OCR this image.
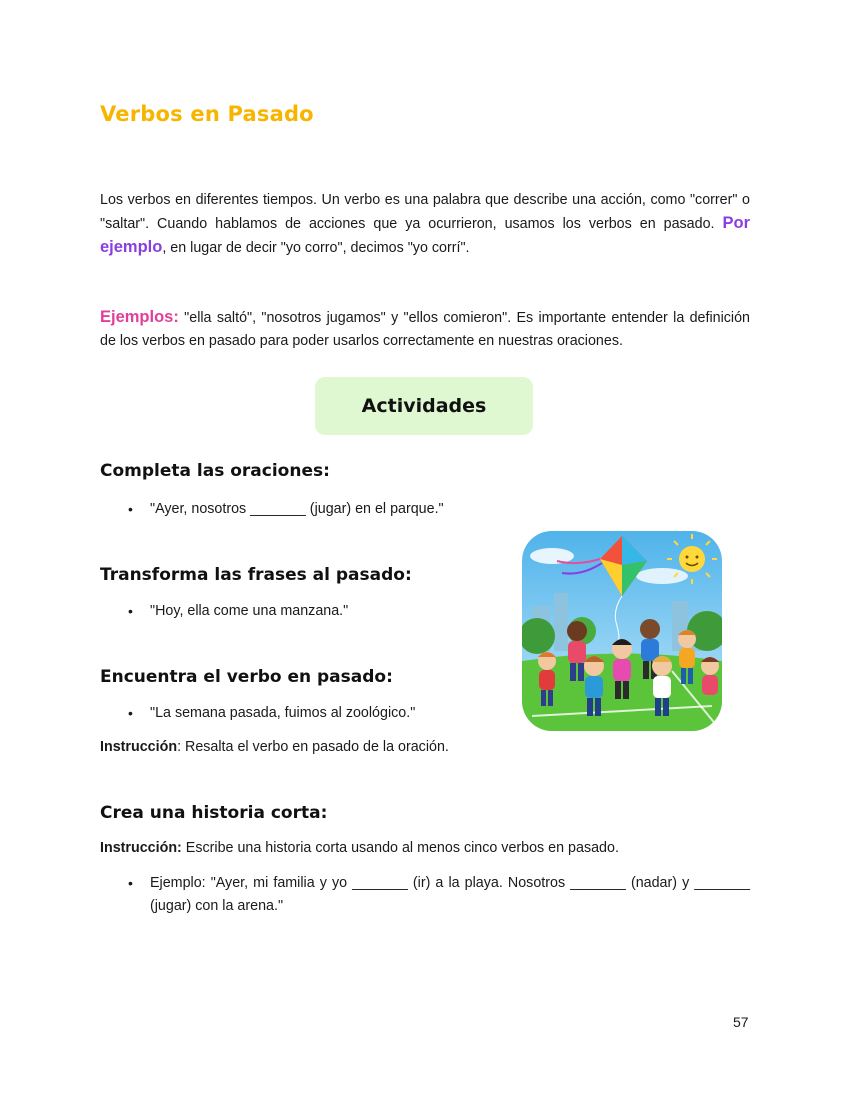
Verbos en Pasado

Los verbos en diferentes tiempos. Un verbo es una palabra que describe una acción, como "correr" o "saltar". Cuando hablamos de acciones que ya ocurrieron, usamos los verbos en pasado. Por ejemplo, en lugar de decir "yo corro", decimos "yo corrí".

Ejemplos: "ella saltó", "nosotros jugamos" y "ellos comieron". Es importante entender la definición de los verbos en pasado para poder usarlos correctamente en nuestras oraciones.

Actividades
Completa las oraciones:
•	"Ayer, nosotros _______ (jugar) en el parque."
Transforma las frases al pasado:
•	"Hoy, ella come una manzana."
Encuentra el verbo en pasado:
•	"La semana pasada, fuimos al zoológico."
Instrucción: Resalta el verbo en pasado de la oración.
Crea una historia corta:
Instrucción: Escribe una historia corta usando al menos cinco verbos en pasado.
•	Ejemplo: "Ayer, mi familia y yo _______ (ir) a la playa. Nosotros _______ (nadar) y _______ (jugar) con la arena."
57
